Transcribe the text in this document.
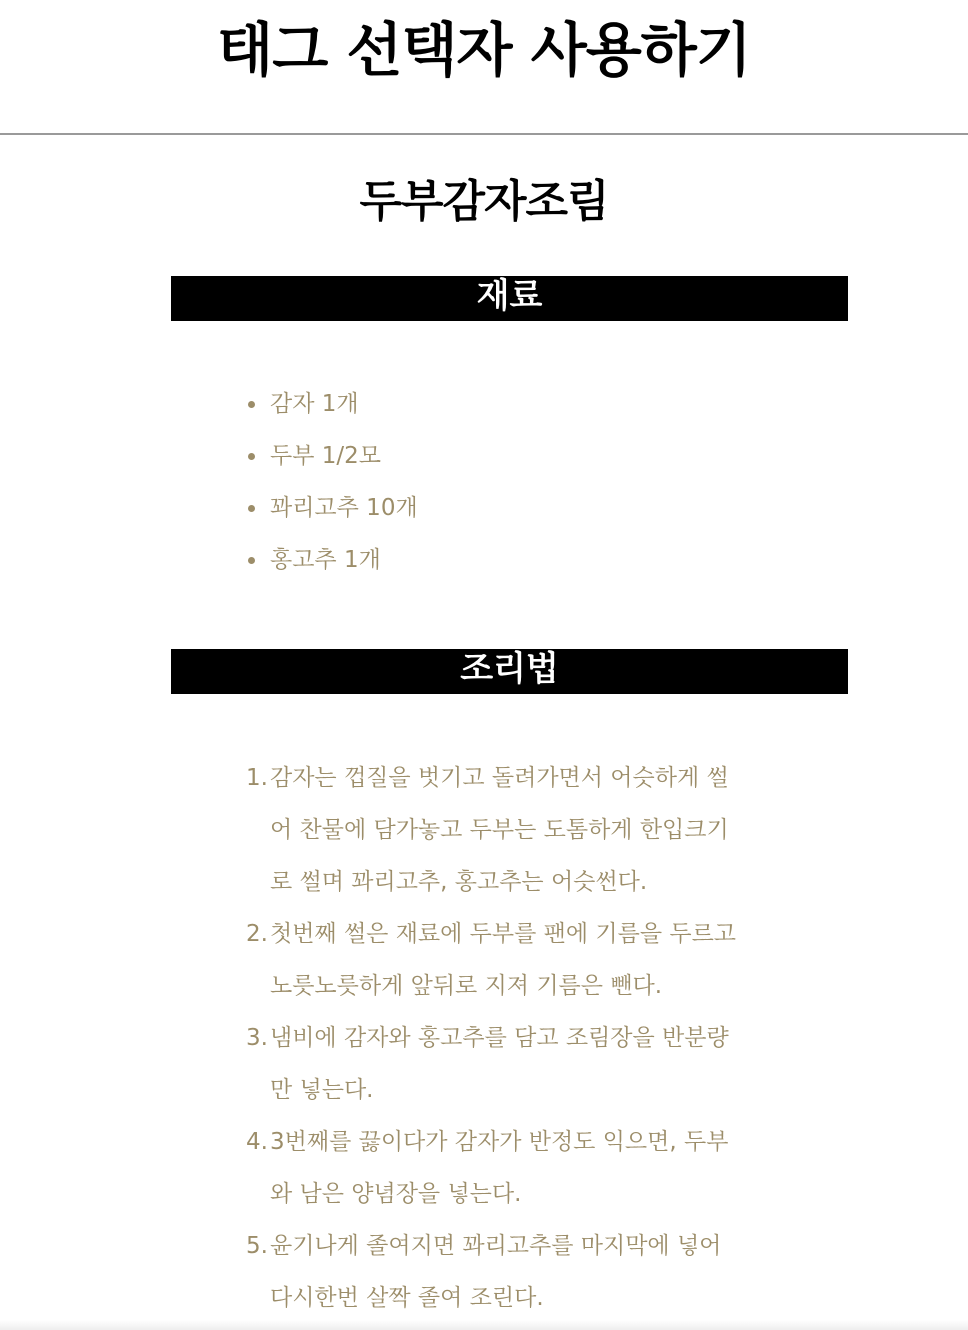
태그 선택자 사용하기
두부감자조림
재료
감자 1개
두부 1/2모
꽈리고추 10개
홍고추 1개
조리법
1. 감자는 껍질을 벗기고 돌려가면서 어슷하게 썰어 찬물에 담가놓고 두부는 도톰하게 한입크기로 썰며 꽈리고추, 홍고추는 어슷썬다.
2. 첫번째 썰은 재료에 두부를 팬에 기름을 두르고 노릇노릇하게 앞뒤로 지져 기름은 뺀다.
3. 냄비에 감자와 홍고추를 담고 조림장을 반분량만 넣는다.
4. 3번째를 끓이다가 감자가 반정도 익으면, 두부와 남은 양념장을 넣는다.
5. 윤기나게 졸여지면 꽈리고추를 마지막에 넣어 다시한번 살짝 졸여 조린다.
